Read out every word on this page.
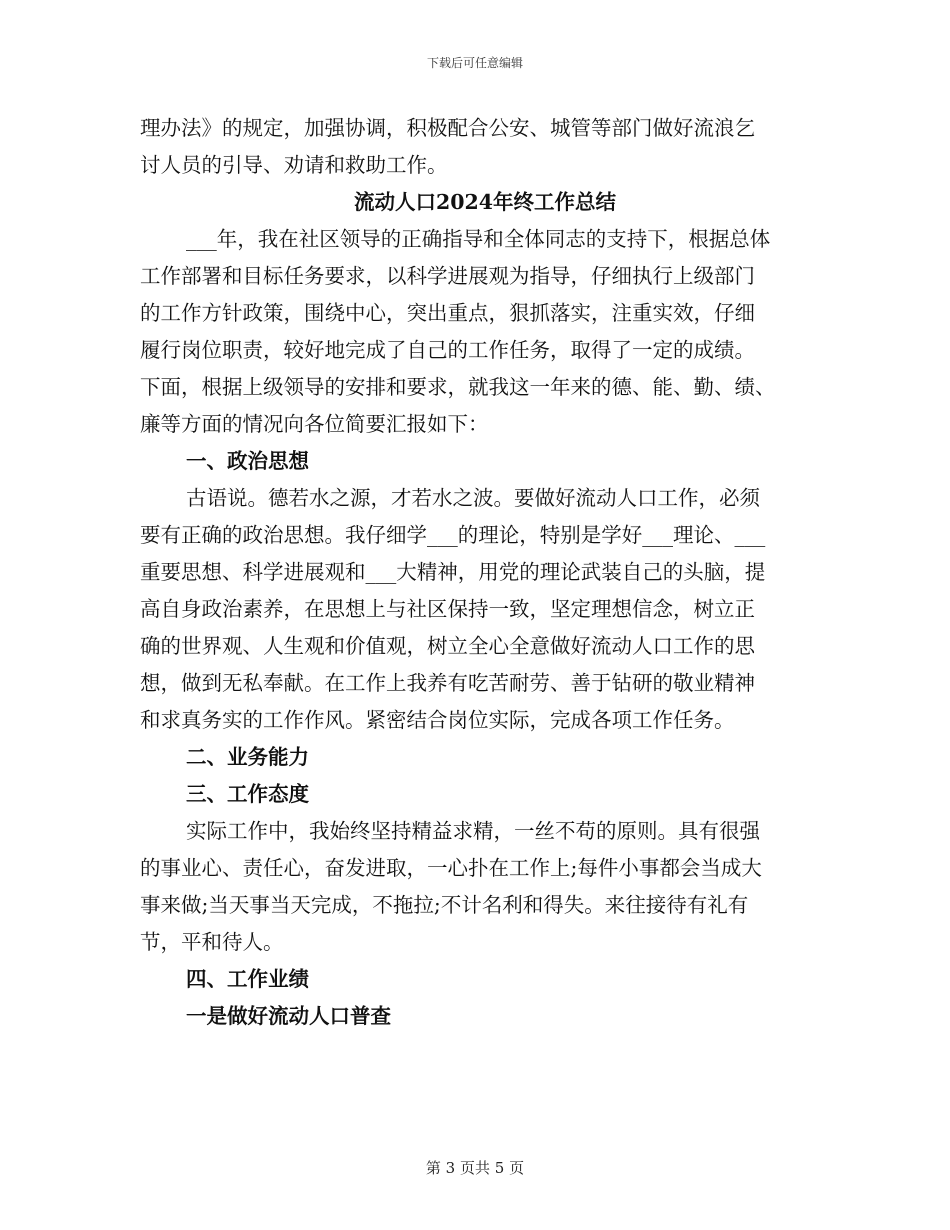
下载后可任意编辑
理办法》的规定，加强协调，积极配合公安、城管等部门做好流浪乞
讨人员的引导、劝请和救助工作。
流动人口2024年终工作总结
___年，我在社区领导的正确指导和全体同志的支持下，根据总体
工作部署和目标任务要求，以科学进展观为指导，仔细执行上级部门
的工作方针政策，围绕中心，突出重点，狠抓落实，注重实效，仔细
履行岗位职责，较好地完成了自己的工作任务，取得了一定的成绩。
下面，根据上级领导的安排和要求，就我这一年来的德、能、勤、绩、
廉等方面的情况向各位简要汇报如下：
一、政治思想
古语说。德若水之源，才若水之波。要做好流动人口工作，必须
要有正确的政治思想。我仔细学___的理论，特别是学好___理论、___
重要思想、科学进展观和___大精神，用党的理论武装自己的头脑，提
高自身政治素养，在思想上与社区保持一致，坚定理想信念，树立正
确的世界观、人生观和价值观，树立全心全意做好流动人口工作的思
想，做到无私奉献。在工作上我养有吃苦耐劳、善于钻研的敬业精神
和求真务实的工作作风。紧密结合岗位实际，完成各项工作任务。
二、业务能力
三、工作态度
实际工作中，我始终坚持精益求精，一丝不苟的原则。具有很强
的事业心、责任心，奋发进取，一心扑在工作上;每件小事都会当成大
事来做;当天事当天完成，不拖拉;不计名利和得失。来往接待有礼有
节，平和待人。
四、工作业绩
一是做好流动人口普查
第 3 页共 5 页
